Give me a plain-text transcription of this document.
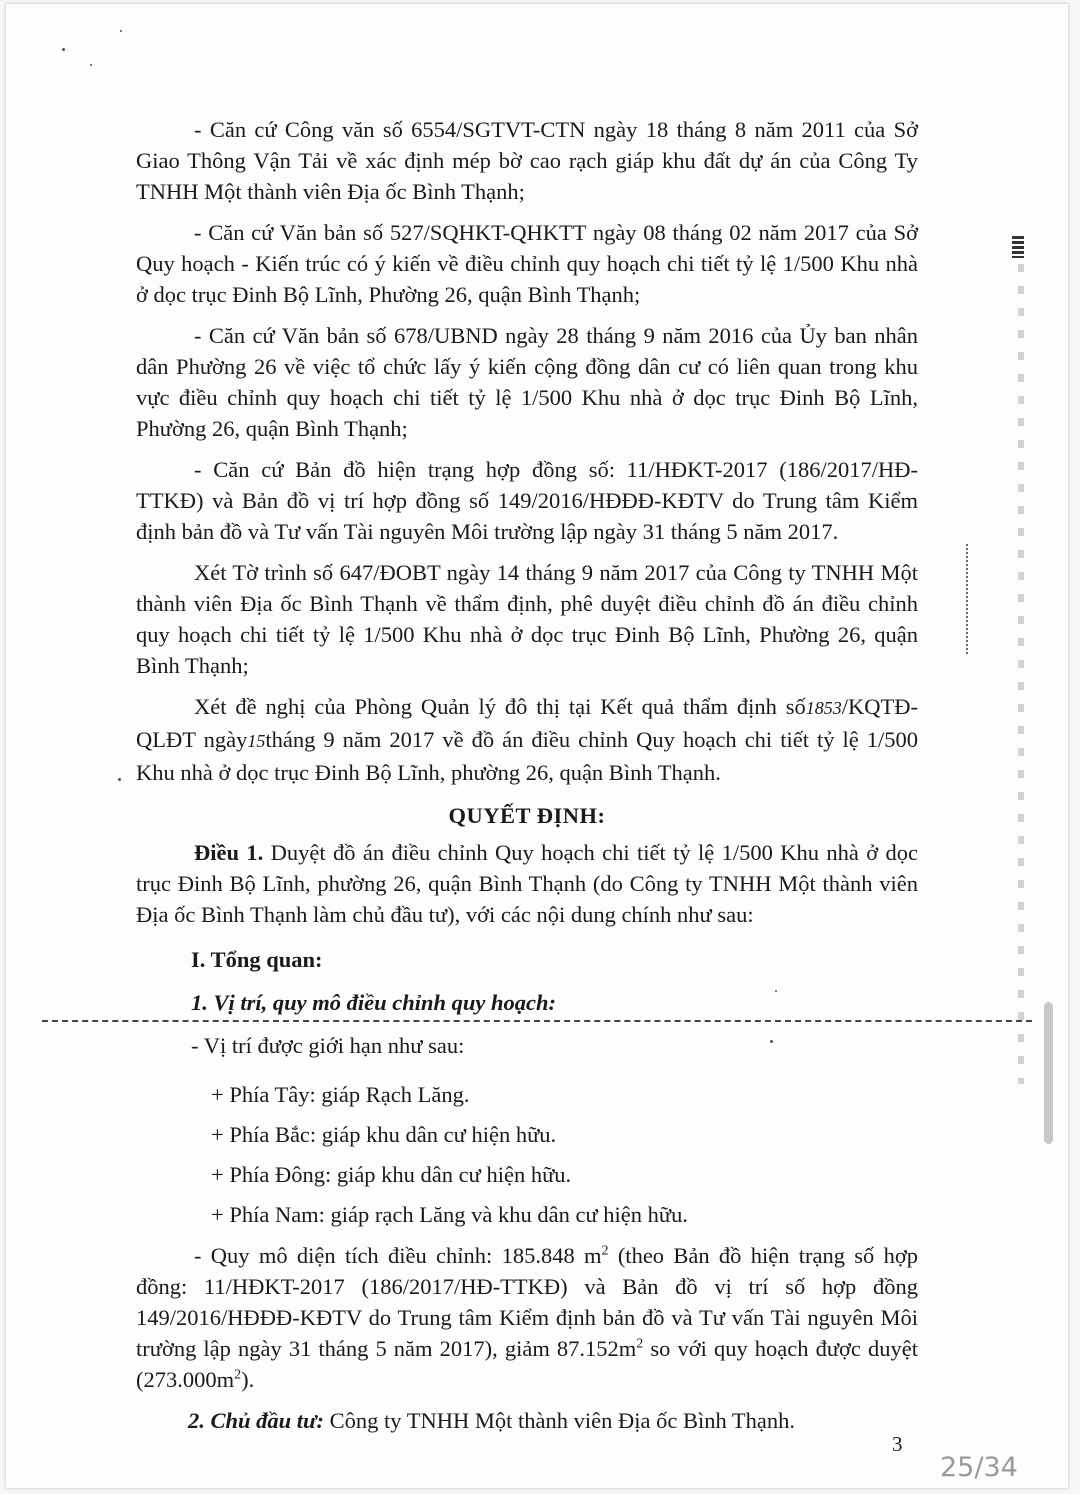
- Căn cứ Công văn số 6554/SGTVT-CTN ngày 18 tháng 8 năm 2011 của Sở Giao Thông Vận Tải về xác định mép bờ cao rạch giáp khu đất dự án của Công Ty TNHH Một thành viên Địa ốc Bình Thạnh;

- Căn cứ Văn bản số 527/SQHKT-QHKTT ngày 08 tháng 02 năm 2017 của Sở Quy hoạch - Kiến trúc có ý kiến về điều chỉnh quy hoạch chi tiết tỷ lệ 1/500 Khu nhà ở dọc trục Đinh Bộ Lĩnh, Phường 26, quận Bình Thạnh;

- Căn cứ Văn bản số 678/UBND ngày 28 tháng 9 năm 2016 của Ủy ban nhân dân Phường 26 về việc tổ chức lấy ý kiến cộng đồng dân cư có liên quan trong khu vực điều chỉnh quy hoạch chi tiết tỷ lệ 1/500 Khu nhà ở dọc trục Đinh Bộ Lĩnh, Phường 26, quận Bình Thạnh;

- Căn cứ Bản đồ hiện trạng hợp đồng số: 11/HĐKT-2017 (186/2017/HĐ-TTKĐ) và Bản đồ vị trí hợp đồng số 149/2016/HĐĐĐ-KĐTV do Trung tâm Kiểm định bản đồ và Tư vấn Tài nguyên Môi trường lập ngày 31 tháng 5 năm 2017.

Xét Tờ trình số 647/ĐOBT ngày 14 tháng 9 năm 2017 của Công ty TNHH Một thành viên Địa ốc Bình Thạnh về thẩm định, phê duyệt điều chỉnh đồ án điều chỉnh quy hoạch chi tiết tỷ lệ 1/500 Khu nhà ở dọc trục Đinh Bộ Lĩnh, Phường 26, quận Bình Thạnh;

Xét đề nghị của Phòng Quản lý đô thị tại Kết quả thẩm định số1853/KQTĐ-QLĐT ngày15tháng 9 năm 2017 về đồ án điều chỉnh Quy hoạch chi tiết tỷ lệ 1/500 Khu nhà ở dọc trục Đinh Bộ Lĩnh, phường 26, quận Bình Thạnh.

QUYẾT ĐỊNH:

Điều 1. Duyệt đồ án điều chỉnh Quy hoạch chi tiết tỷ lệ 1/500 Khu nhà ở dọc trục Đinh Bộ Lĩnh, phường 26, quận Bình Thạnh (do Công ty TNHH Một thành viên Địa ốc Bình Thạnh làm chủ đầu tư), với các nội dung chính như sau:

I. Tổng quan:
1. Vị trí, quy mô điều chỉnh quy hoạch:
- Vị trí được giới hạn như sau:
+ Phía Tây: giáp Rạch Lăng.
+ Phía Bắc: giáp khu dân cư hiện hữu.
+ Phía Đông: giáp khu dân cư hiện hữu.
+ Phía Nam: giáp rạch Lăng và khu dân cư hiện hữu.

- Quy mô diện tích điều chỉnh: 185.848 $m^2$ (theo Bản đồ hiện trạng số hợp đồng: 11/HĐKT-2017 (186/2017/HĐ-TTKĐ) và Bản đồ vị trí số hợp đồng 149/2016/HĐĐĐ-KĐTV do Trung tâm Kiểm định bản đồ và Tư vấn Tài nguyên Môi trường lập ngày 31 tháng 5 năm 2017), giảm $87.152m^2$ so với quy hoạch được duyệt $(273.000m^2)$.

2. Chủ đầu tư: Công ty TNHH Một thành viên Địa ốc Bình Thạnh.

3
25/34
